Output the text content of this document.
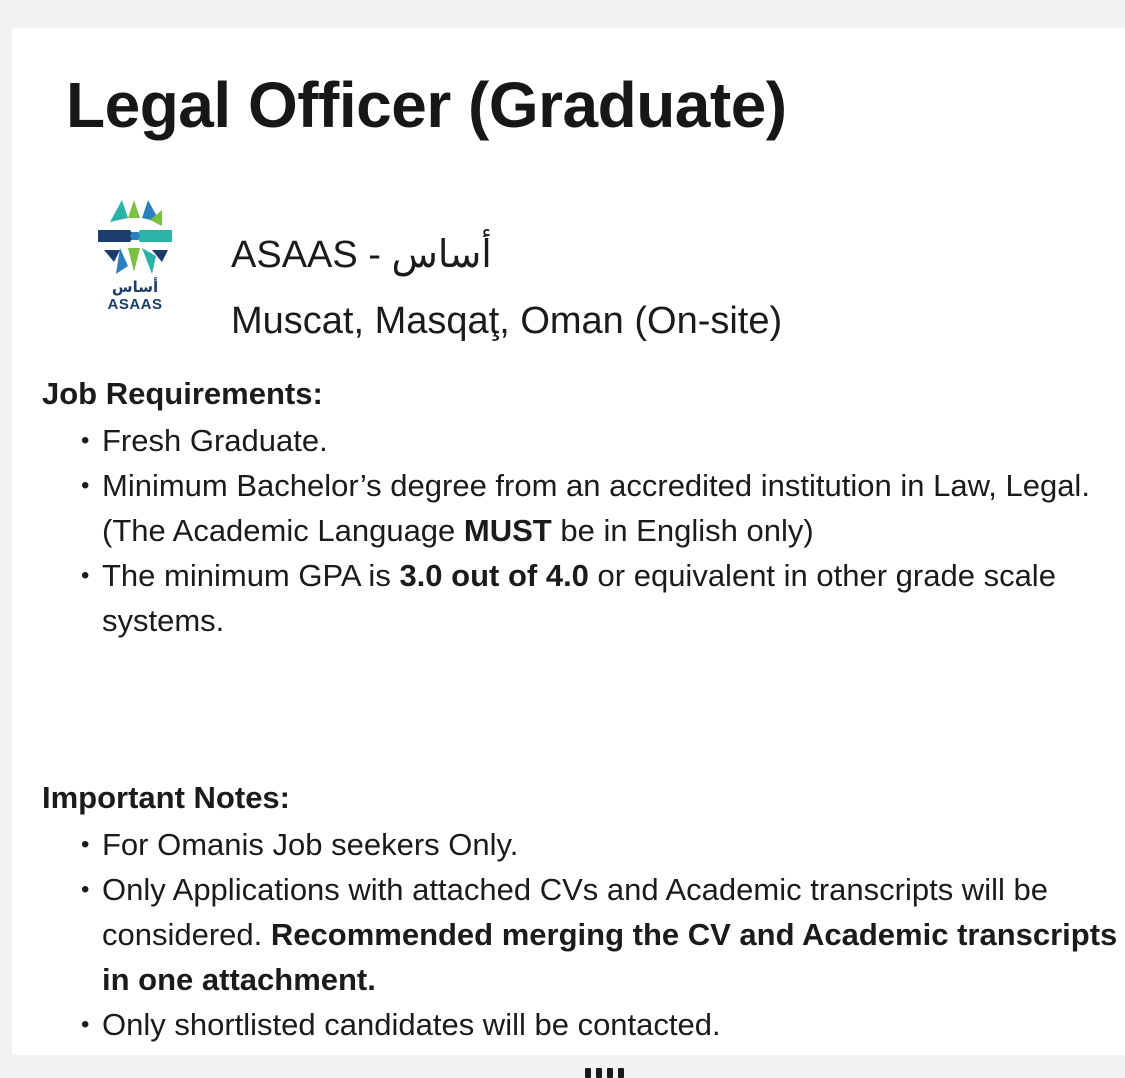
Legal Officer (Graduate)
أساس
ASAAS
ASAAS - أساس
Muscat, Masqaţ, Oman (On-site)
Job Requirements:
• Fresh Graduate.
• Minimum Bachelor’s degree from an accredited institution in Law, Legal. (The Academic Language MUST be in English only)
• The minimum GPA is 3.0 out of 4.0 or equivalent in other grade scale systems.
Important Notes:
• For Omanis Job seekers Only.
• Only Applications with attached CVs and Academic transcripts will be considered. Recommended merging the CV and Academic transcripts in one attachment.
• Only shortlisted candidates will be contacted.
